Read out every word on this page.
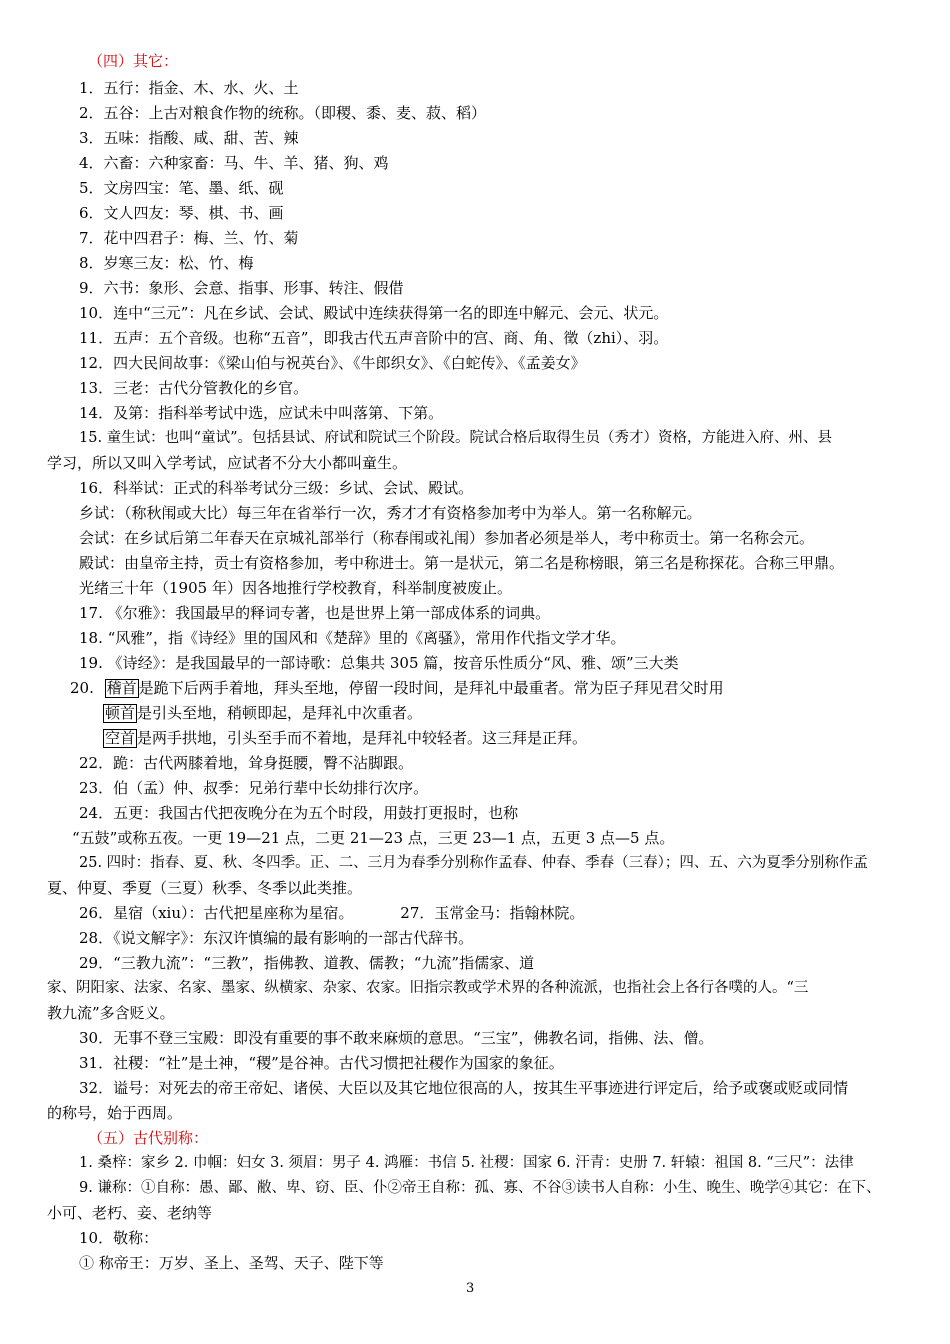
（四）其它：
1．五行：指金、木、水、火、土
2．五谷：上古对粮食作物的统称。（即稷、黍、麦、菽、稻）
3．五味：指酸、咸、甜、苦、辣
4．六畜：六种家畜：马、牛、羊、猪、狗、鸡
5．文房四宝：笔、墨、纸、砚
6．文人四友：琴、棋、书、画
7．花中四君子：梅、兰、竹、菊
8．岁寒三友：松、竹、梅
9．六书：象形、会意、指事、形事、转注、假借
10．连中“三元”：凡在乡试、会试、殿试中连续获得第一名的即连中解元、会元、状元。
11．五声：五个音级。也称“五音”，即我古代五声音阶中的宫、商、角、徵（zhi）、羽。
12．四大民间故事：《梁山伯与祝英台》、《牛郎织女》、《白蛇传》、《孟姜女》
13．三老：古代分管教化的乡官。
14．及第：指科举考试中选，应试未中叫落第、下第。
15. 童生试：也叫“童试”。包括县试、府试和院试三个阶段。院试合格后取得生员（秀才）资格，方能进入府、州、县
学习，所以又叫入学考试，应试者不分大小都叫童生。
16．科举试：正式的科举考试分三级：乡试、会试、殿试。
乡试：（称秋闱或大比）每三年在省举行一次，秀才才有资格参加考中为举人。第一名称解元。
会试：在乡试后第二年春天在京城礼部举行（称春闱或礼闱）参加者必须是举人，考中称贡士。第一名称会元。
殿试：由皇帝主持，贡士有资格参加，考中称进士。第一是状元，第二名是称榜眼，第三名是称探花。合称三甲鼎。
光绪三十年（1905 年）因各地推行学校教育，科举制度被废止。
17. 《尔雅》：我国最早的释词专著，也是世界上第一部成体系的词典。
18. “风雅”，指《诗经》里的国风和《楚辞》里的《离骚》，常用作代指文学才华。
19. 《诗经》：是我国最早的一部诗歌：总集共 305 篇，按音乐性质分“风、雅、颂”三大类
20. 稽首 是跪下后两手着地，拜头至地，停留一段时间，是拜礼中最重者。常为臣子拜见君父时用
顿首 是引头至地，稍顿即起，是拜礼中次重者。
空首 是两手拱地，引头至手而不着地，是拜礼中较轻者。这三拜是正拜。
22．跪：古代两膝着地，耸身挺腰，臀不沾脚跟。
23．伯（孟）仲、叔季：兄弟行辈中长幼排行次序。
24．五更：我国古代把夜晚分在为五个时段，用鼓打更报时，也称
“五鼓”或称五夜。一更 19—21 点，二更 21—23 点，三更 23—1 点，五更 3 点—5 点。
25. 四时：指春、夏、秋、冬四季。正、二、三月为春季分别称作孟春、仲春、季春（三春）；四、五、六为夏季分别称作孟
夏、仲夏、季夏（三夏）秋季、冬季以此类推。
26．星宿（xiu）：古代把星座称为星宿。	27．玉常金马：指翰林院。
28．《说文解字》：东汉许慎编的最有影响的一部古代辞书。
29．“三教九流”：“三教”，指佛教、道教、儒教；“九流”指儒家、道
家、阴阳家、法家、名家、墨家、纵横家、杂家、农家。旧指宗教或学术界的各种流派，也指社会上各行各噗的人。“三
教九流”多含贬义。
30．无事不登三宝殿：即没有重要的事不敢来麻烦的意思。“三宝”，佛教名词，指佛、法、僧。
31．社稷：“社”是土神，“稷”是谷神。古代习惯把社稷作为国家的象征。
32．谥号：对死去的帝王帝妃、诸侯、大臣以及其它地位很高的人，按其生平事迹进行评定后，给予或褒或贬或同情
的称号，始于西周。
（五）古代别称：
1. 桑梓：家乡 2. 巾帼：妇女 3. 须眉：男子 4. 鸿雁：书信 5. 社稷：国家 6. 汗青：史册 7. 轩辕：祖国 8. “三尺”：法律
9. 谦称：①自称：愚、鄙、敝、卑、窃、臣、仆②帝王自称：孤、寡、不谷③读书人自称：小生、晚生、晚学④其它：在下、
小可、老朽、妾、老纳等
10．敬称：
① 称帝王：万岁、圣上、圣驾、天子、陛下等
3
